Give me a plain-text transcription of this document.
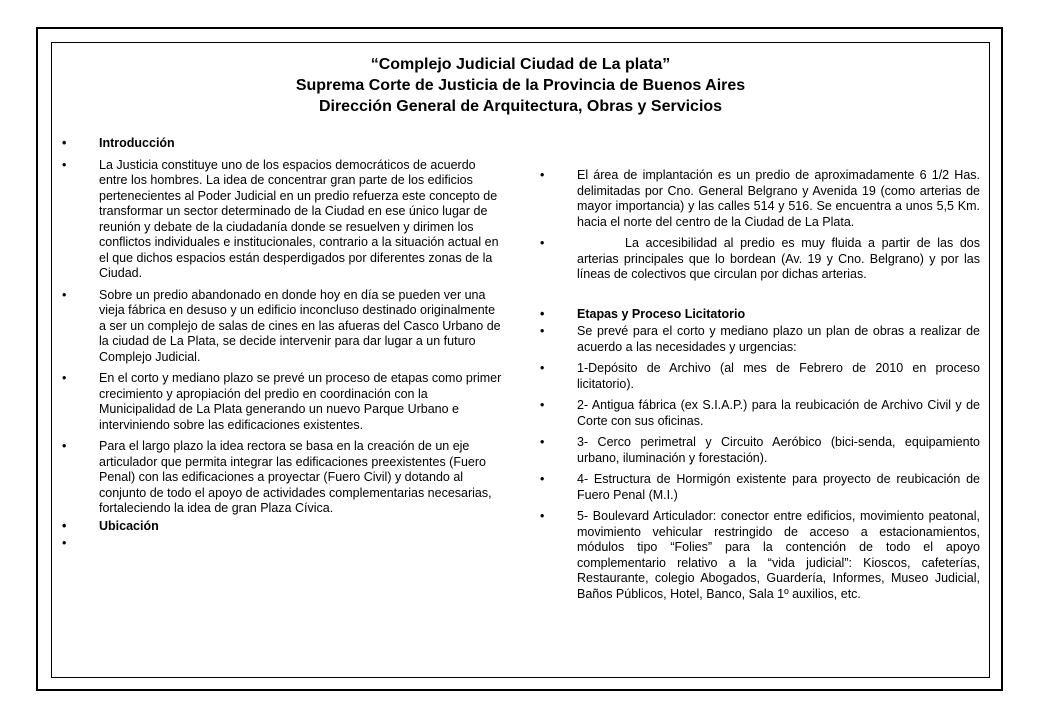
“Complejo Judicial Ciudad de La plata”
Suprema Corte de Justicia de la Provincia de Buenos Aires
Dirección General de Arquitectura, Obras y Servicios
• Introducción
• La Justicia constituye uno de los espacios democráticos de acuerdo entre los hombres. La idea de concentrar gran parte de los edificios pertenecientes al Poder Judicial en un predio refuerza este concepto de transformar un sector determinado de la Ciudad en ese único lugar de reunión y debate de la ciudadanía donde se resuelven y dirimen los conflictos individuales e institucionales, contrario a la situación actual en el que dichos espacios están desperdigados por diferentes zonas de la Ciudad.
• Sobre un predio abandonado en donde hoy en día se pueden ver una vieja fábrica en desuso y un edificio inconcluso destinado originalmente a ser un complejo de salas de cines en las afueras del Casco Urbano de la ciudad de La Plata, se decide intervenir para dar lugar a un futuro Complejo Judicial.
• En el corto y mediano plazo se prevé un proceso de etapas como primer crecimiento y apropiación del predio en coordinación con la Municipalidad de La Plata generando un nuevo Parque Urbano e interviniendo sobre las edificaciones existentes.
• Para el largo plazo la idea rectora se basa en la creación de un eje articulador que permita integrar las edificaciones preexistentes (Fuero Penal) con las edificaciones a proyectar (Fuero Civil) y dotando al conjunto de todo el apoyo de actividades complementarias necesarias, fortaleciendo la idea de gran Plaza Cívica.
• Ubicación
•
• El área de implantación es un predio de aproximadamente 6 1/2 Has. delimitadas por Cno. General Belgrano y Avenida 19 (como arterias de mayor importancia) y las calles 514 y 516. Se encuentra a unos 5,5 Km. hacia el norte del centro de la Ciudad de La Plata.
• La accesibilidad al predio es muy fluida a partir de las dos arterias principales que lo bordean (Av. 19 y Cno. Belgrano) y por las líneas de colectivos que circulan por dichas arterias.
• Etapas y Proceso Licitatorio
• Se prevé para el corto y mediano plazo un plan de obras a realizar de acuerdo a las necesidades y urgencias:
• 1-Depósito de Archivo (al mes de Febrero de 2010 en proceso licitatorio).
• 2- Antigua fábrica (ex S.I.A.P.) para la reubicación de Archivo Civil y de Corte con sus oficinas.
• 3- Cerco perimetral y Circuito Aeróbico (bici-senda, equipamiento urbano, iluminación y forestación).
• 4- Estructura de Hormigón existente para proyecto de reubicación de Fuero Penal (M.I.)
• 5- Boulevard Articulador: conector entre edificios, movimiento peatonal, movimiento vehicular restringido de acceso a estacionamientos, módulos tipo “Folies” para la contención de todo el apoyo complementario relativo a la “vida judicial”: Kioscos, cafeterías, Restaurante, colegio Abogados, Guardería, Informes, Museo Judicial, Baños Públicos, Hotel, Banco, Sala 1º auxilios, etc.
